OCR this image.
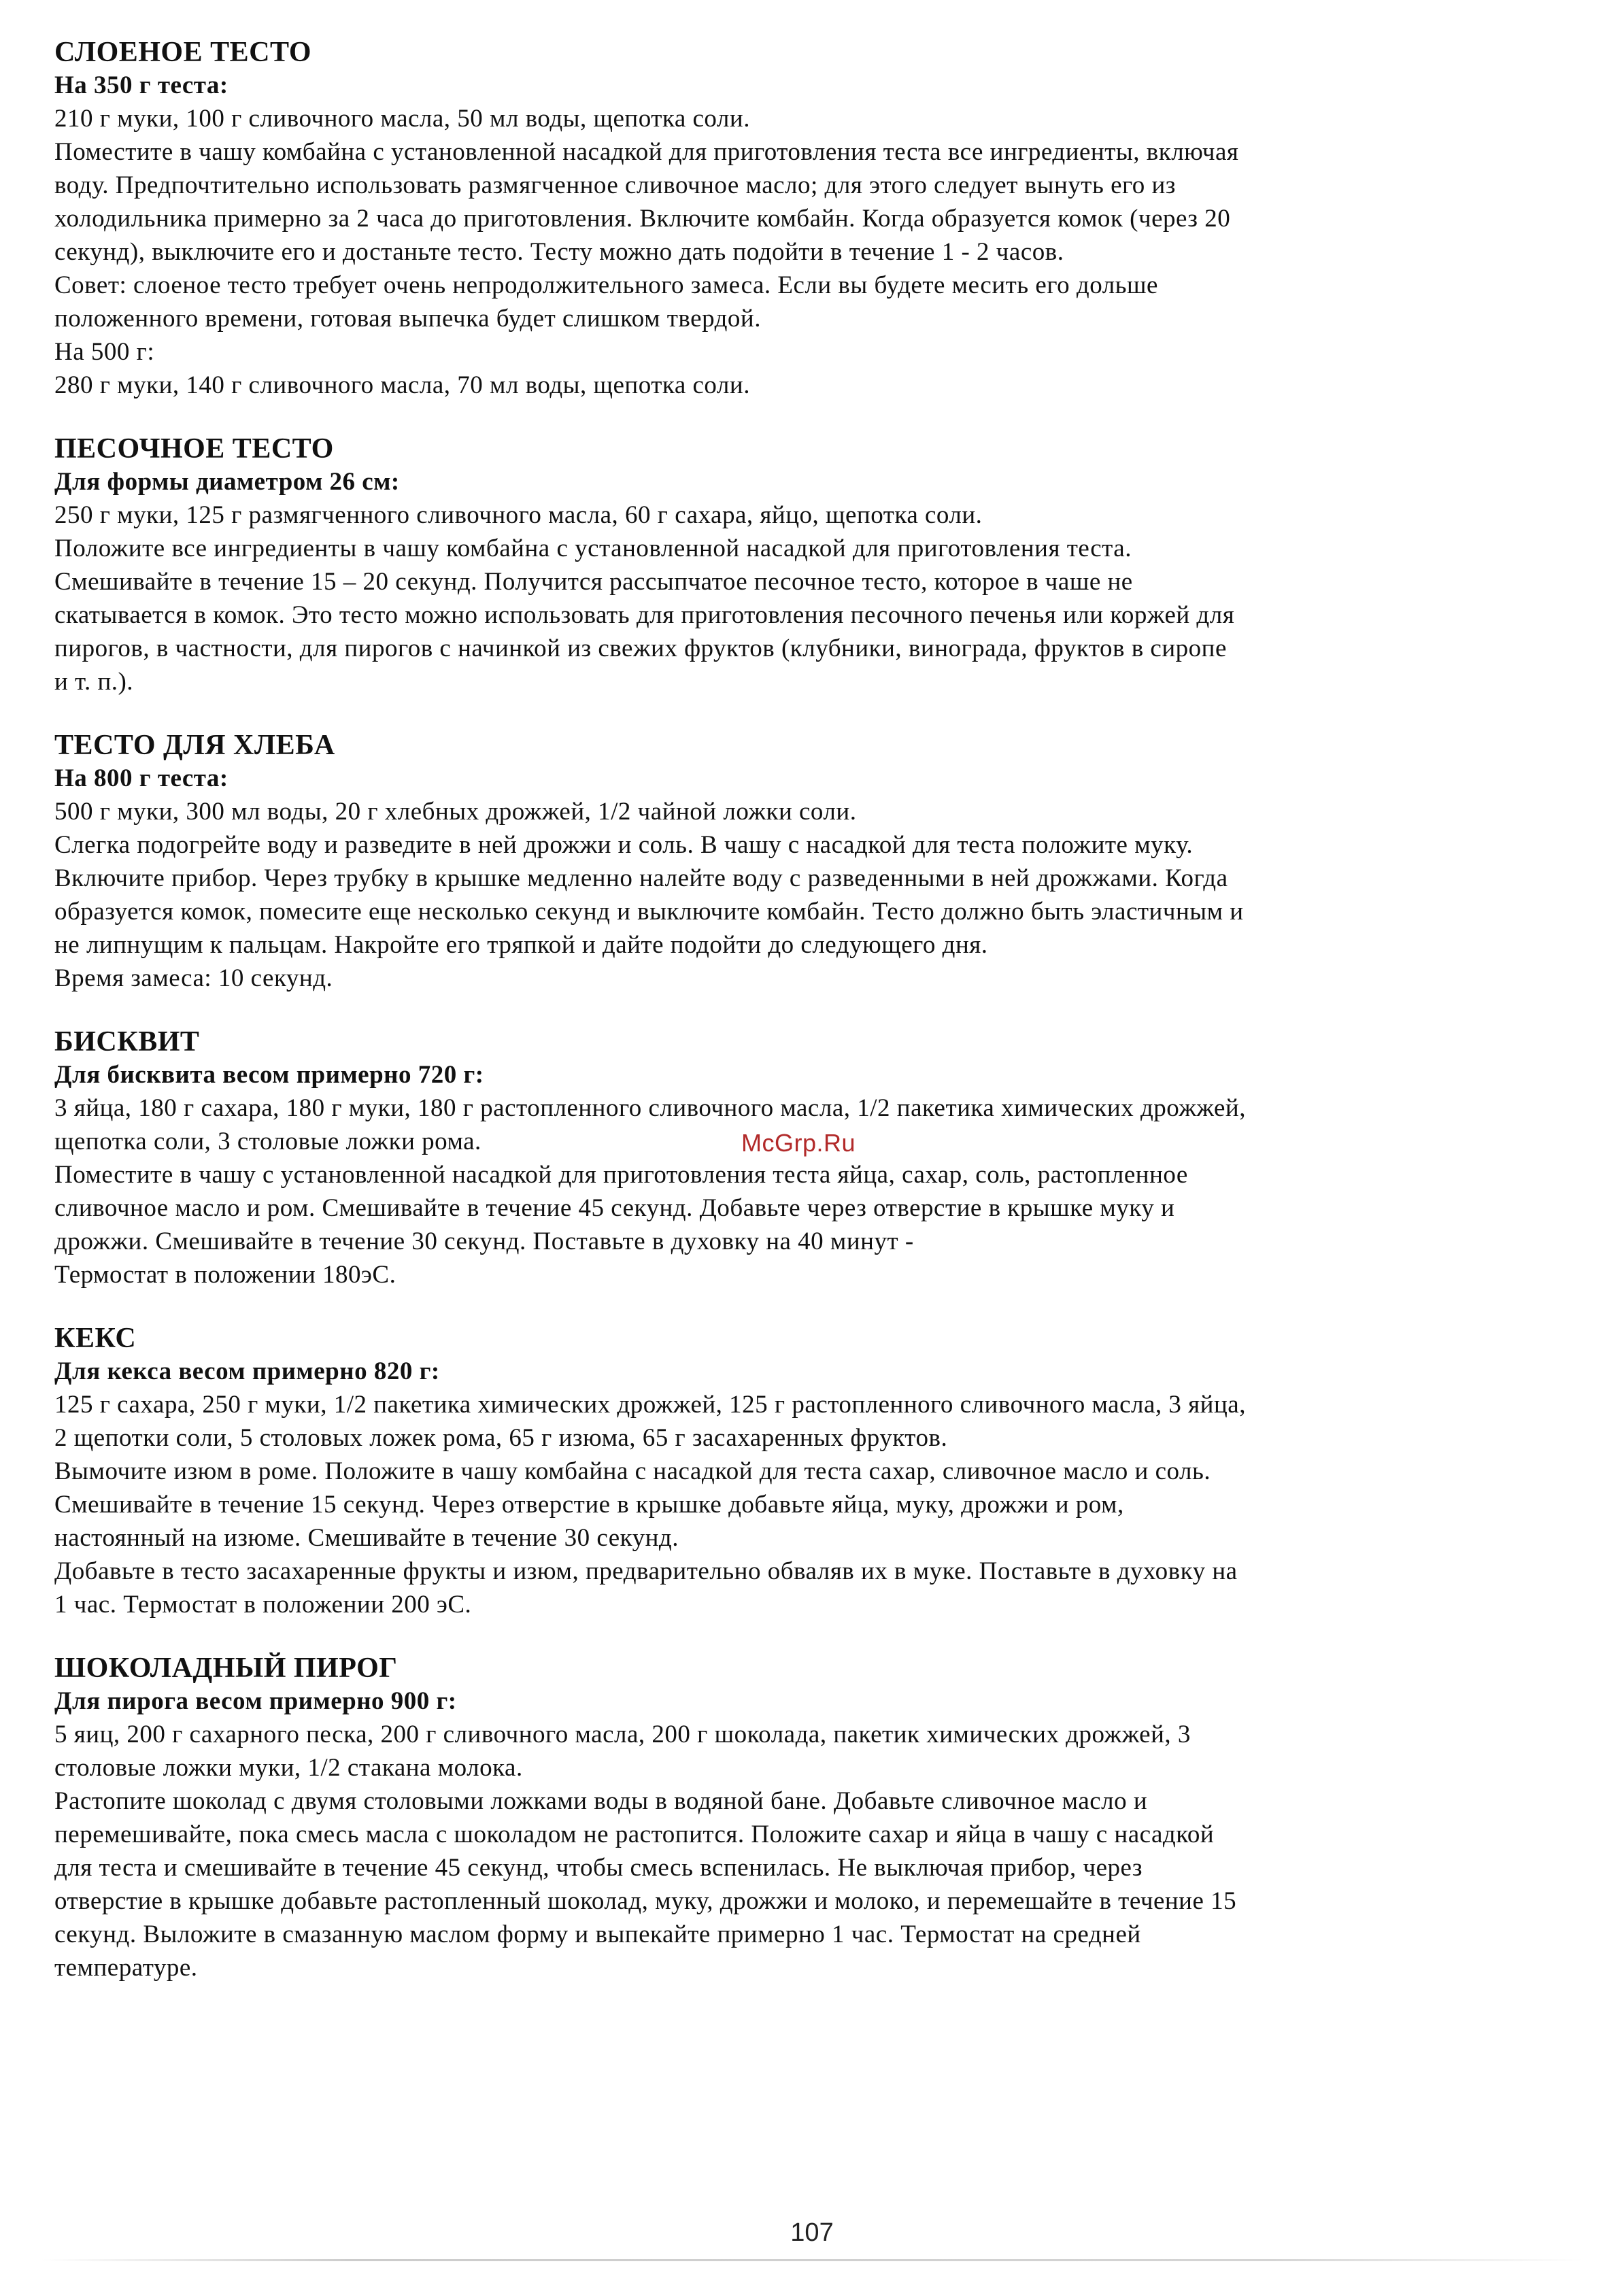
СЛОЕНОЕ ТЕСТО
На 350 г теста:

210 г муки, 100 г сливочного масла, 50 мл воды, щепотка соли.

Поместите в чашу комбайна с установленной насадкой для приготовления теста все ингредиенты, включая

воду. Предпочтительно использовать размягченное сливочное масло; для этого следует вынуть его из

холодильника примерно за 2 часа до приготовления. Включите комбайн. Когда образуется комок (через 20

секунд), выключите его и достаньте тесто. Тесту можно дать подойти в течение 1 - 2 часов.

Совет: слоеное тесто требует очень непродолжительного замеса. Если вы будете месить его дольше

положенного времени, готовая выпечка будет слишком твердой.

На 500 г:

280 г муки, 140 г сливочного масла, 70 мл воды, щепотка соли.

ПЕСОЧНОЕ ТЕСТО
Для формы диаметром 26 см:

250 г муки, 125 г размягченного сливочного масла, 60 г сахара, яйцо, щепотка соли.

Положите все ингредиенты в чашу комбайна с установленной насадкой для приготовления теста.

Смешивайте в течение 15 – 20 секунд. Получится рассыпчатое песочное тесто, которое в чаше не

скатывается в комок. Это тесто можно использовать для приготовления песочного печенья или коржей для

пирогов, в частности, для пирогов с начинкой из свежих фруктов (клубники, винограда, фруктов в сиропе

и т. п.).

ТЕСТО ДЛЯ ХЛЕБА
На 800 г теста:

500 г муки, 300 мл воды, 20 г хлебных дрожжей, 1/2 чайной ложки соли.

Слегка подогрейте воду и разведите в ней дрожжи и соль. В чашу с насадкой для теста положите муку.

Включите прибор. Через трубку в крышке медленно налейте воду с разведенными в ней дрожжами. Когда

образуется комок, помесите еще несколько секунд и выключите комбайн. Тесто должно быть эластичным и

не липнущим к пальцам. Накройте его тряпкой и дайте подойти до следующего дня.

Время замеса: 10 секунд.

БИСКВИТ
Для бисквита весом примерно 720 г:

3 яйца, 180 г сахара, 180 г муки, 180 г растопленного сливочного масла, 1/2 пакетика химических дрожжей,

щепотка соли, 3 столовые ложки рома.

Поместите в чашу с установленной насадкой для приготовления теста яйца, сахар, соль, растопленное

сливочное масло и ром. Смешивайте в течение 45 секунд. Добавьте через отверстие в крышке муку и

дрожжи. Смешивайте в течение 30 секунд. Поставьте в духовку на 40 минут -

Термостат в положении 180эС.

КЕКС
Для кекса весом примерно 820 г:

125 г сахара, 250 г муки, 1/2 пакетика химических дрожжей, 125 г растопленного сливочного масла, 3 яйца,

2 щепотки соли, 5 столовых ложек рома, 65 г изюма, 65 г засахаренных фруктов.

Вымочите изюм в роме. Положите в чашу комбайна с насадкой для теста сахар, сливочное масло и соль.

Смешивайте в течение 15 секунд. Через отверстие в крышке добавьте яйца, муку, дрожжи и ром,

настоянный на изюме. Смешивайте в течение 30 секунд.

Добавьте в тесто засахаренные фрукты и изюм, предварительно обваляв их в муке. Поставьте в духовку на

1 час. Термостат в положении 200 эС.

ШОКОЛАДНЫЙ ПИРОГ
Для пирога весом примерно 900 г:

5 яиц, 200 г сахарного песка, 200 г сливочного масла, 200 г шоколада, пакетик химических дрожжей, 3

столовые ложки муки, 1/2 стакана молока.

Растопите шоколад с двумя столовыми ложками воды в водяной бане. Добавьте сливочное масло и

перемешивайте, пока смесь масла с шоколадом не растопится. Положите сахар и яйца в чашу с насадкой

для теста и смешивайте в течение 45 секунд, чтобы смесь вспенилась. Не выключая прибор, через

отверстие в крышке добавьте растопленный шоколад, муку, дрожжи и молоко, и перемешайте в течение 15

секунд. Выложите в смазанную маслом форму и выпекайте примерно 1 час. Термостат на средней

температуре.

McGrp.Ru
107
